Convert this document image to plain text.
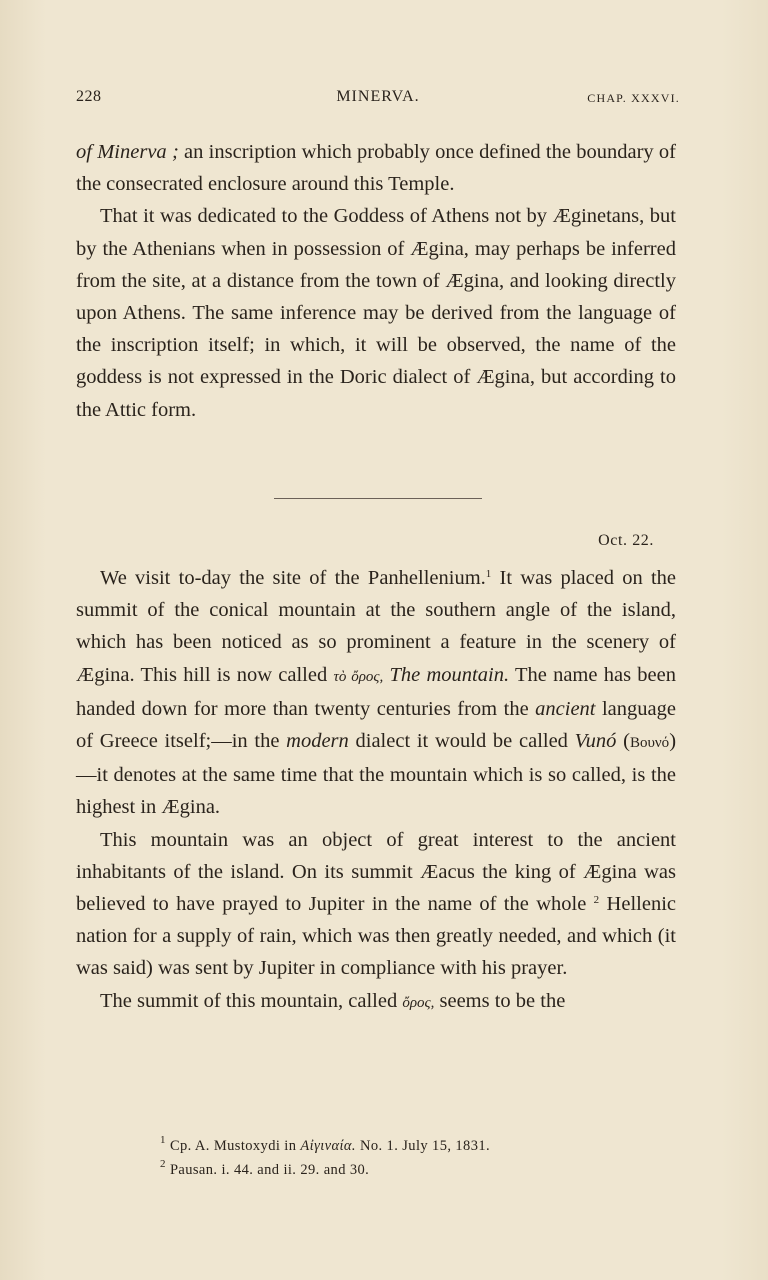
228	MINERVA.	CHAP. XXXVI.

of Minerva ; an inscription which probably once defined the boundary of the consecrated enclosure around this Temple.

That it was dedicated to the Goddess of Athens not by Æginetans, but by the Athenians when in possession of Ægina, may perhaps be inferred from the site, at a distance from the town of Ægina, and looking directly upon Athens. The same inference may be derived from the language of the inscription itself; in which, it will be observed, the name of the goddess is not expressed in the Doric dialect of Ægina, but according to the Attic form.

Oct. 22.

We visit to-day the site of the Panhellenium.$^1$ It was placed on the summit of the conical mountain at the southern angle of the island, which has been noticed as so prominent a feature in the scenery of Ægina. This hill is now called τὸ ὄρος, The mountain. The name has been handed down for more than twenty centuries from the ancient language of Greece itself;—in the modern dialect it would be called Vunó (Βουνό)—it denotes at the same time that the mountain which is so called, is the highest in Ægina.

This mountain was an object of great interest to the ancient inhabitants of the island. On its summit Æacus the king of Ægina was believed to have prayed to Jupiter in the name of the whole $^2$ Hellenic nation for a supply of rain, which was then greatly needed, and which (it was said) was sent by Jupiter in compliance with his prayer.

The summit of this mountain, called ὄρος, seems to be the

$^1$ Cp. A. Mustoxydi in Αἰγιναία. No. 1. July 15, 1831.
$^2$ Pausan. i. 44. and ii. 29. and 30.
